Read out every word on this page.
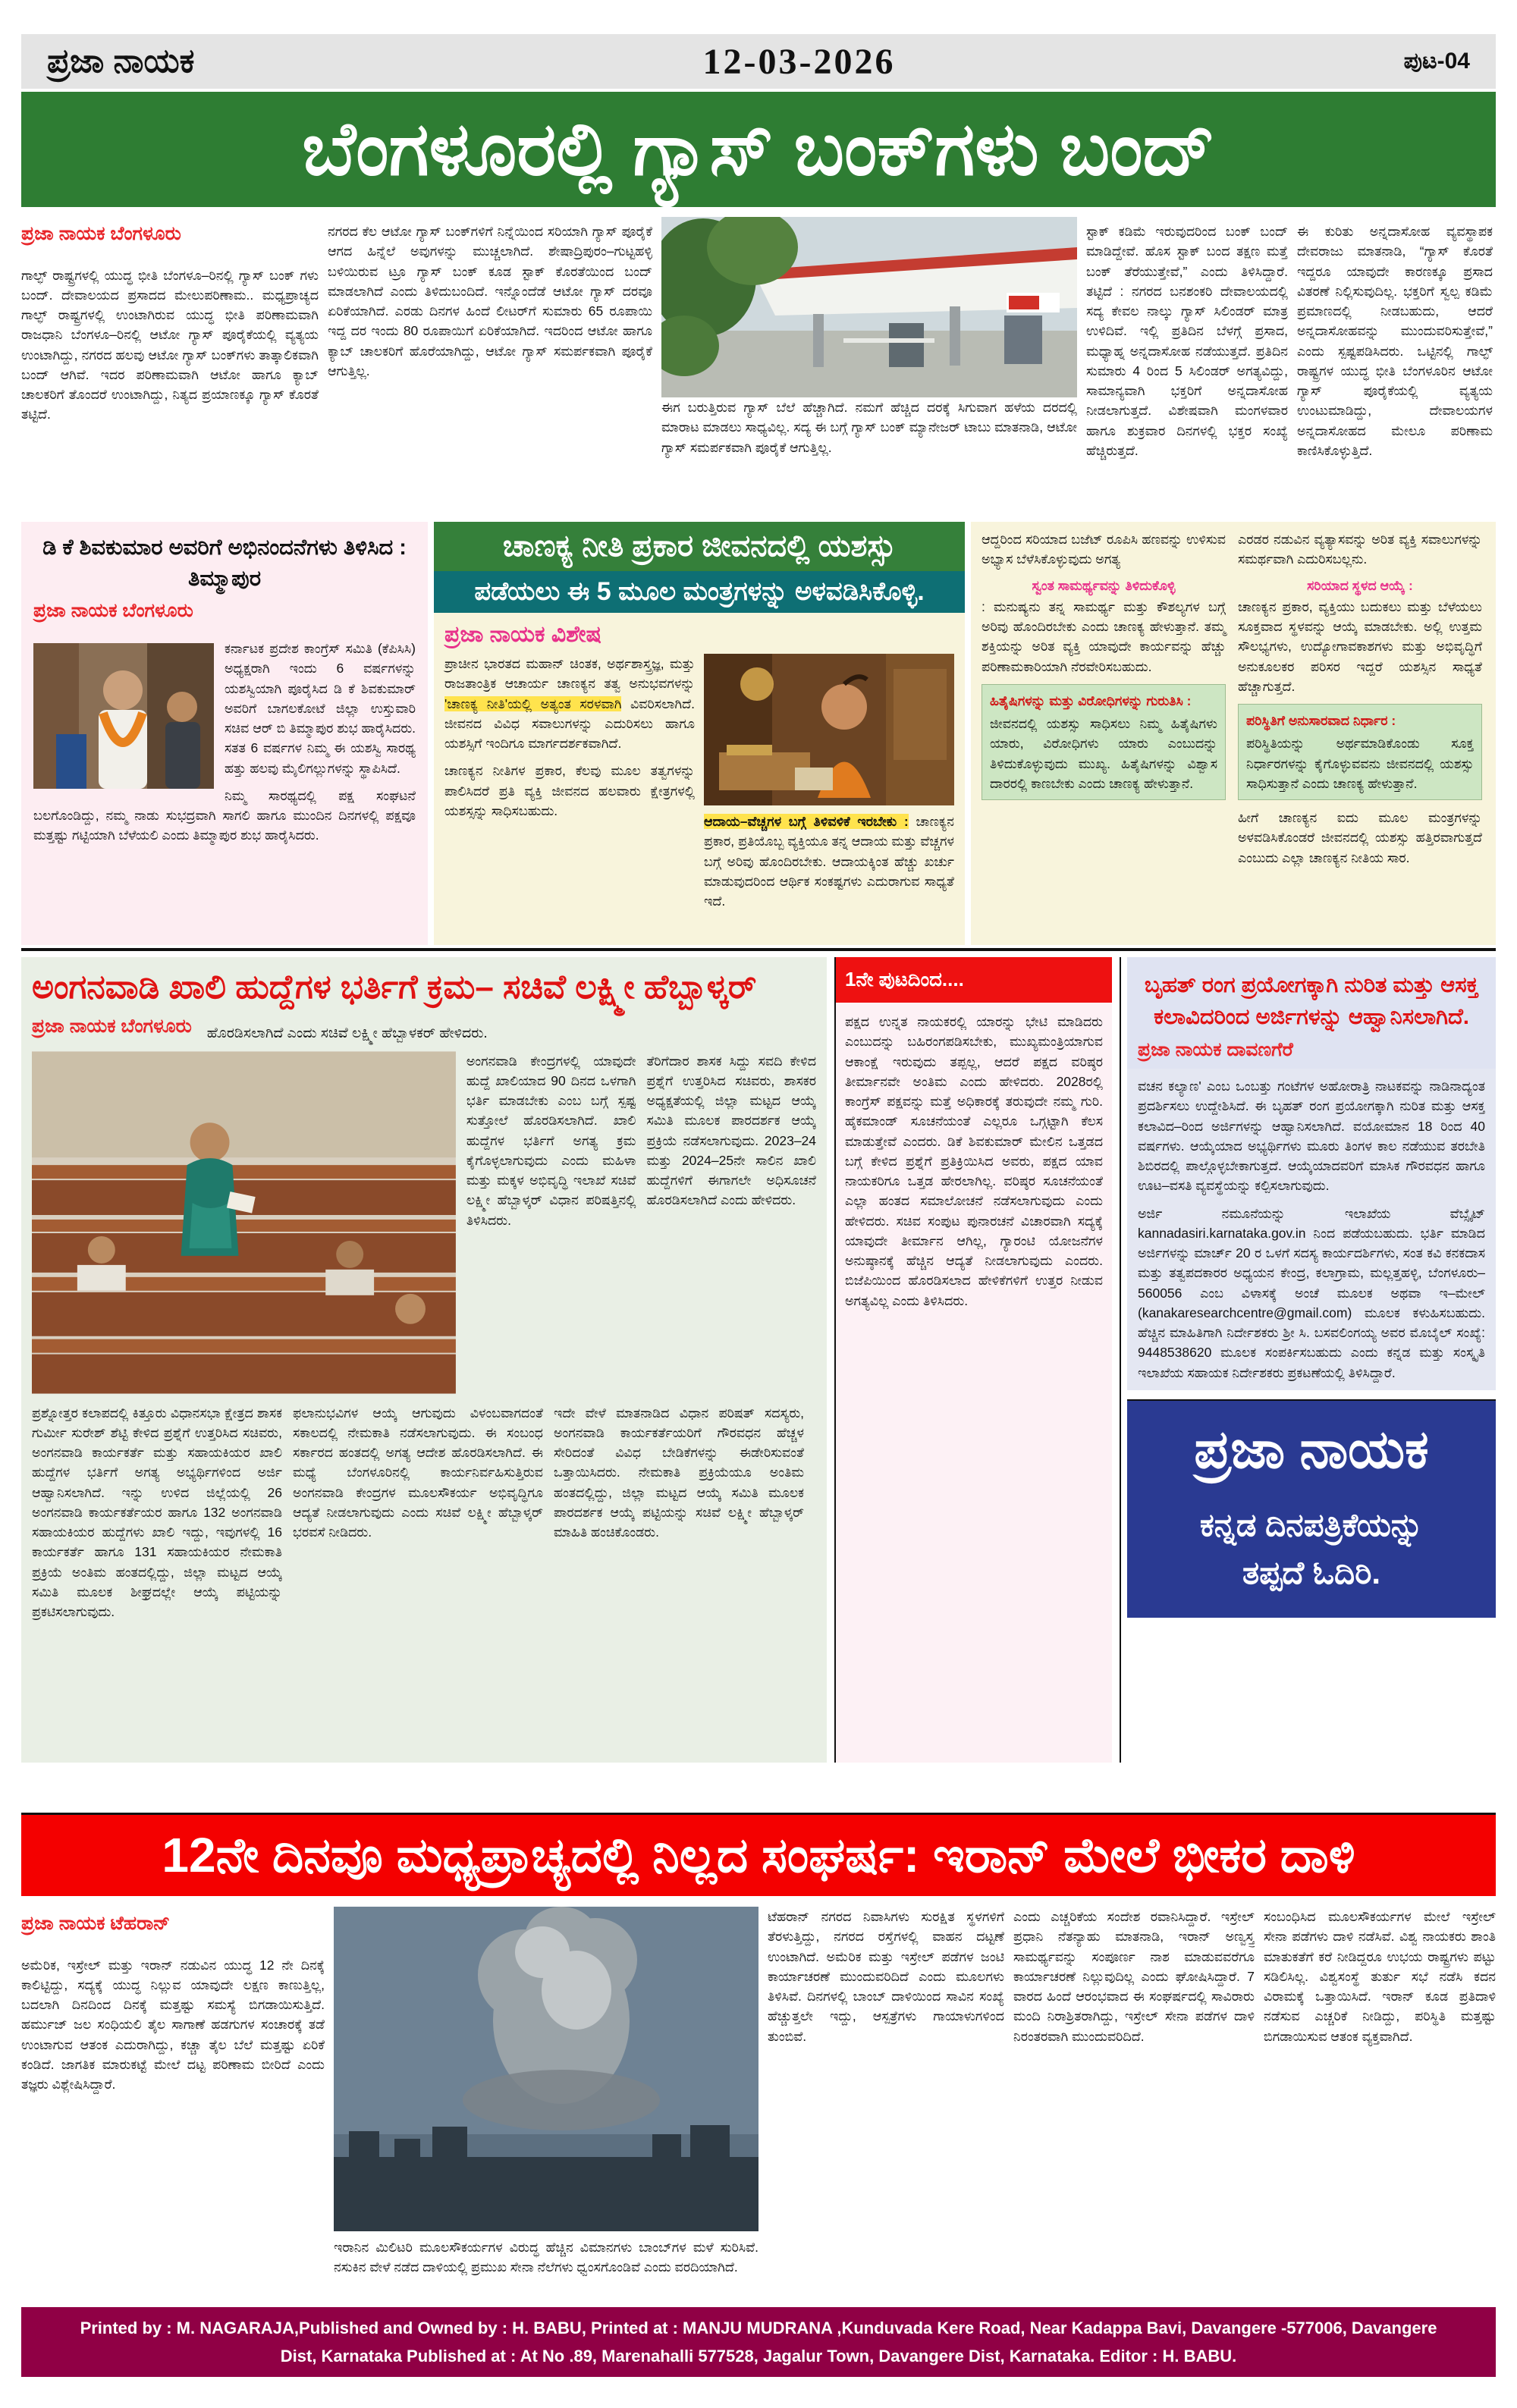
ಪ್ರಜಾ ನಾಯಕ	12-03-2026	ಪುಟ-04
ಬೆಂಗಳೂರಲ್ಲಿ ಗ್ಯಾಸ್ ಬಂಕ್‌ಗಳು ಬಂದ್
ಪ್ರಜಾ ನಾಯಕ ಬೆಂಗಳೂರು

ಗಾಲ್ಫ್ ರಾಷ್ಟ್ರಗಳಲ್ಲಿ ಯುದ್ಧ ಭೀತಿ ಬೆಂಗಳೂ–ರಿನಲ್ಲಿ ಗ್ಯಾಸ್ ಬಂಕ್ ಗಳು ಬಂದ್. ದೇವಾಲಯದ ಪ್ರಸಾದದ ಮೇಲುಪರಿಣಾಮ.. ಮಧ್ಯಪ್ರಾಚ್ಯದ ಗಾಲ್ಫ್ ರಾಷ್ಟ್ರಗಳಲ್ಲಿ ಉಂಟಾಗಿರುವ ಯುದ್ಧ ಭೀತಿ ಪರಿಣಾಮವಾಗಿ ರಾಜಧಾನಿ ಬೆಂಗಳೂ–ರಿನಲ್ಲಿ ಆಟೋ ಗ್ಯಾಸ್ ಪೂರೈಕೆಯಲ್ಲಿ ವ್ಯತ್ಯಯ ಉಂಟಾಗಿದ್ದು, ನಗರದ ಹಲವು ಆಟೋ ಗ್ಯಾಸ್ ಬಂಕ್‌ಗಳು ತಾತ್ಕಾಲಿಕವಾಗಿ ಬಂದ್ ಆಗಿವೆ. ಇದರ ಪರಿಣಾಮವಾಗಿ ಆಟೋ ಹಾಗೂ ಕ್ಯಾಬ್ ಚಾಲಕರಿಗೆ ತೊಂದರೆ ಉಂಟಾಗಿದ್ದು, ನಿತ್ಯದ ಪ್ರಯಾಣಕ್ಕೂ ಗ್ಯಾಸ್ ಕೊರತೆ ತಟ್ಟಿದೆ.

ನಗರದ ಕೆಲ ಆಟೋ ಗ್ಯಾಸ್ ಬಂಕ್‌ಗಳಿಗೆ ನಿನ್ನೆಯಿಂದ ಸರಿಯಾಗಿ ಗ್ಯಾಸ್ ಪೂರೈಕೆ ಆಗದ ಹಿನ್ನೆಲೆ ಅವುಗಳನ್ನು ಮುಚ್ಚಲಾಗಿದೆ. ಶೇಷಾದ್ರಿಪುರಂ–ಗುಟ್ಟಹಳ್ಳಿ ಬಳಿಯಿರುವ ಟ್ರೂ ಗ್ಯಾಸ್ ಬಂಕ್ ಕೂಡ ಸ್ಟಾಕ್ ಕೊರತೆಯಿಂದ ಬಂದ್ ಮಾಡಲಾಗಿದೆ ಎಂದು ತಿಳಿದುಬಂದಿದೆ. ಇನ್ನೊಂದೆಡೆ ಆಟೋ ಗ್ಯಾಸ್ ದರವೂ ಏರಿಕೆಯಾಗಿದೆ. ಎರಡು ದಿನಗಳ ಹಿಂದೆ ಲೀಟರ್‌ಗೆ ಸುಮಾರು 65 ರೂಪಾಯಿ ಇದ್ದ ದರ ಇಂದು 80 ರೂಪಾಯಿಗೆ ಏರಿಕೆಯಾಗಿದೆ. ಇದರಿಂದ ಆಟೋ ಹಾಗೂ ಕ್ಯಾಬ್ ಚಾಲಕರಿಗೆ ಹೊರೆಯಾಗಿದ್ದು, ಆಟೋ ಗ್ಯಾಸ್ ಸಮರ್ಪಕವಾಗಿ ಪೂರೈಕೆ ಆಗುತ್ತಿಲ್ಲ.

ಈಗ ಬರುತ್ತಿರುವ ಗ್ಯಾಸ್ ಬೆಲೆ ಹೆಚ್ಚಾಗಿದೆ. ನಮಗೆ ಹೆಚ್ಚಿದ ದರಕ್ಕೆ ಸಿಗುವಾಗ ಹಳೆಯ ದರದಲ್ಲಿ ಮಾರಾಟ ಮಾಡಲು ಸಾಧ್ಯವಿಲ್ಲ. ಸದ್ಯ ಈ ಬಗ್ಗೆ ಗ್ಯಾಸ್ ಬಂಕ್ ಮ್ಯಾನೇಜರ್ ಟಾಬು ಮಾತನಾಡಿ, ಆಟೋ ಗ್ಯಾಸ್ ಸಮರ್ಪಕವಾಗಿ ಪೂರೈಕೆ ಆಗುತ್ತಿಲ್ಲ.

ಸ್ಟಾಕ್ ಕಡಿಮೆ ಇರುವುದರಿಂದ ಬಂಕ್ ಬಂದ್ ಮಾಡಿದ್ದೇವೆ. ಹೊಸ ಸ್ಟಾಕ್ ಬಂದ ತಕ್ಷಣ ಮತ್ತೆ ಬಂಕ್ ತೆರೆಯುತ್ತೇವೆ,” ಎಂದು ತಿಳಿಸಿದ್ದಾರೆ. ತಟ್ಟಿದೆ : ನಗರದ ಬನಶಂಕರಿ ದೇವಾಲಯದಲ್ಲಿ ಸದ್ಯ ಕೇವಲ ನಾಲ್ಕು ಗ್ಯಾಸ್ ಸಿಲಿಂಡರ್ ಮಾತ್ರ ಉಳಿದಿವೆ. ಇಲ್ಲಿ ಪ್ರತಿದಿನ ಬೆಳಗ್ಗೆ ಪ್ರಸಾದ, ಮಧ್ಯಾಹ್ನ ಅನ್ನದಾಸೋಹ ನಡೆಯುತ್ತದೆ. ಪ್ರತಿದಿನ ಸುಮಾರು 4 ರಿಂದ 5 ಸಿಲಿಂಡರ್ ಅಗತ್ಯವಿದ್ದು, ಸಾಮಾನ್ಯವಾಗಿ ಭಕ್ತರಿಗೆ ಅನ್ನದಾಸೋಹ ನೀಡಲಾಗುತ್ತದೆ. ವಿಶೇಷವಾಗಿ ಮಂಗಳವಾರ ಹಾಗೂ ಶುಕ್ರವಾರ ದಿನಗಳಲ್ಲಿ ಭಕ್ತರ ಸಂಖ್ಯೆ ಹೆಚ್ಚಿರುತ್ತದೆ.

ಈ ಕುರಿತು ಅನ್ನದಾಸೋಹ ವ್ಯವಸ್ಥಾಪಕ ದೇವರಾಜು ಮಾತನಾಡಿ, “ಗ್ಯಾಸ್ ಕೊರತೆ ಇದ್ದರೂ ಯಾವುದೇ ಕಾರಣಕ್ಕೂ ಪ್ರಸಾದ ವಿತರಣೆ ನಿಲ್ಲಿಸುವುದಿಲ್ಲ. ಭಕ್ತರಿಗೆ ಸ್ವಲ್ಪ ಕಡಿಮೆ ಪ್ರಮಾಣದಲ್ಲಿ ನೀಡಬಹುದು, ಆದರೆ ಅನ್ನದಾಸೋಹವನ್ನು ಮುಂದುವರಿಸುತ್ತೇವೆ,” ಎಂದು ಸ್ಪಷ್ಟಪಡಿಸಿದರು. ಒಟ್ಟಿನಲ್ಲಿ ಗಾಲ್ಫ್ ರಾಷ್ಟ್ರಗಳ ಯುದ್ಧ ಭೀತಿ ಬೆಂಗಳೂರಿನ ಆಟೋ ಗ್ಯಾಸ್ ಪೂರೈಕೆಯಲ್ಲಿ ವ್ಯತ್ಯಯ ಉಂಟುಮಾಡಿದ್ದು, ದೇವಾಲಯಗಳ ಅನ್ನದಾಸೋಹದ ಮೇಲೂ ಪರಿಣಾಮ ಕಾಣಿಸಿಕೊಳ್ಳುತ್ತಿದೆ.

ಡಿ ಕೆ ಶಿವಕುಮಾರ ಅವರಿಗೆ ಅಭಿನಂದನೆಗಳು ತಿಳಿಸಿದ : ತಿಮ್ಮಾಪುರ
ಪ್ರಜಾ ನಾಯಕ ಬೆಂಗಳೂರು

ಕರ್ನಾಟಕ ಪ್ರದೇಶ ಕಾಂಗ್ರೆಸ್ ಸಮಿತಿ (ಕೆಪಿಸಿಸಿ) ಅಧ್ಯಕ್ಷರಾಗಿ ಇಂದು 6 ವರ್ಷಗಳನ್ನು ಯಶಸ್ವಿಯಾಗಿ ಪೂರೈಸಿದ ಡಿ ಕೆ ಶಿವಕುಮಾರ್ ಅವರಿಗೆ ಬಾಗಲಕೋಟೆ ಜಿಲ್ಲಾ ಉಸ್ತುವಾರಿ ಸಚಿವ ಆರ್ ಬಿ ತಿಮ್ಮಾಪುರ ಶುಭ ಹಾರೈಸಿದರು. ಸತತ 6 ವರ್ಷಗಳ ನಿಮ್ಮ ಈ ಯಶಸ್ವಿ ಸಾರಥ್ಯ ಹತ್ತು ಹಲವು ಮೈಲಿಗಲ್ಲುಗಳನ್ನು ಸ್ಥಾಪಿಸಿದೆ.

ನಿಮ್ಮ ಸಾರಥ್ಯದಲ್ಲಿ ಪಕ್ಷ ಸಂಘಟನೆ ಬಲಗೊಂಡಿದ್ದು, ನಮ್ಮ ನಾಡು ಸುಭದ್ರವಾಗಿ ಸಾಗಲಿ ಹಾಗೂ ಮುಂದಿನ ದಿನಗಳಲ್ಲಿ ಪಕ್ಷವೂ ಮತ್ತಷ್ಟು ಗಟ್ಟಿಯಾಗಿ ಬೆಳೆಯಲಿ ಎಂದು ತಿಮ್ಮಾಪುರ ಶುಭ ಹಾರೈಸಿದರು.

ಚಾಣಕ್ಯ ನೀತಿ ಪ್ರಕಾರ ಜೀವನದಲ್ಲಿ ಯಶಸ್ಸು
ಪಡೆಯಲು ಈ 5 ಮೂಲ ಮಂತ್ರಗಳನ್ನು ಅಳವಡಿಸಿಕೊಳ್ಳಿ.
ಪ್ರಜಾ ನಾಯಕ ವಿಶೇಷ
ಪ್ರಾಚೀನ ಭಾರತದ ಮಹಾನ್ ಚಿಂತಕ, ಅರ್ಥಶಾಸ್ತ್ರಜ್ಞ, ಮತ್ತು ರಾಜತಾಂತ್ರಿಕ ಆಚಾರ್ಯ ಚಾಣಕ್ಯನ ತತ್ವ ಅನುಭವಗಳನ್ನು 'ಚಾಣಕ್ಯ ನೀತಿ'ಯಲ್ಲಿ ಅತ್ಯಂತ ಸರಳವಾಗಿ ವಿವರಿಸಲಾಗಿದೆ. ಜೀವನದ ವಿವಿಧ ಸವಾಲುಗಳನ್ನು ಎದುರಿಸಲು ಹಾಗೂ ಯಶಸ್ಸಿಗೆ ಇಂದಿಗೂ ಮಾರ್ಗದರ್ಶಕವಾಗಿದೆ.

ಚಾಣಕ್ಯನ ನೀತಿಗಳ ಪ್ರಕಾರ, ಕೆಲವು ಮೂಲ ತತ್ವಗಳನ್ನು ಪಾಲಿಸಿದರೆ ಪ್ರತಿ ವ್ಯಕ್ತಿ ಜೀವನದ ಹಲವಾರು ಕ್ಷೇತ್ರಗಳಲ್ಲಿ ಯಶಸ್ಸನ್ನು ಸಾಧಿಸಬಹುದು.

ಆದಾಯ–ವೆಚ್ಚಗಳ ಬಗ್ಗೆ ತಿಳಿವಳಿಕೆ ಇರಬೇಕು : ಚಾಣಕ್ಯನ ಪ್ರಕಾರ, ಪ್ರತಿಯೊಬ್ಬ ವ್ಯಕ್ತಿಯೂ ತನ್ನ ಆದಾಯ ಮತ್ತು ವೆಚ್ಚಗಳ ಬಗ್ಗೆ ಅರಿವು ಹೊಂದಿರಬೇಕು. ಆದಾಯಕ್ಕಿಂತ ಹೆಚ್ಚು ಖರ್ಚು ಮಾಡುವುದರಿಂದ ಆರ್ಥಿಕ ಸಂಕಷ್ಟಗಳು ಎದುರಾಗುವ ಸಾಧ್ಯತೆ ಇದೆ.

ಆದ್ದರಿಂದ ಸರಿಯಾದ ಬಜೆಟ್ ರೂಪಿಸಿ ಹಣವನ್ನು ಉಳಿಸುವ ಅಭ್ಯಾಸ ಬೆಳೆಸಿಕೊಳ್ಳುವುದು ಅಗತ್ಯ

ಸ್ವಂತ ಸಾಮರ್ಥ್ಯವನ್ನು ತಿಳಿದುಕೊಳ್ಳಿ

: ಮನುಷ್ಯನು ತನ್ನ ಸಾಮರ್ಥ್ಯ ಮತ್ತು ಕೌಶಲ್ಯಗಳ ಬಗ್ಗೆ ಅರಿವು ಹೊಂದಿರಬೇಕು ಎಂದು ಚಾಣಕ್ಯ ಹೇಳುತ್ತಾನೆ. ತಮ್ಮ ಶಕ್ತಿಯನ್ನು ಅರಿತ ವ್ಯಕ್ತಿ ಯಾವುದೇ ಕಾರ್ಯವನ್ನು ಹೆಚ್ಚು ಪರಿಣಾಮಕಾರಿಯಾಗಿ ನೆರವೇರಿಸಬಹುದು.

ಹಿತೈಷಿಗಳನ್ನು ಮತ್ತು ವಿರೋಧಿಗಳನ್ನು ಗುರುತಿಸಿ :
ಜೀವನದಲ್ಲಿ ಯಶಸ್ಸು ಸಾಧಿಸಲು ನಿಮ್ಮ ಹಿತೈಷಿಗಳು ಯಾರು, ವಿರೋಧಿಗಳು ಯಾರು ಎಂಬುದನ್ನು ತಿಳಿದುಕೊಳ್ಳುವುದು ಮುಖ್ಯ. ಹಿತೈಷಿಗಳನ್ನು ವಿಶ್ವಾಸ ದಾರರಲ್ಲಿ ಕಾಣಬೇಕು ಎಂದು ಚಾಣಕ್ಯ ಹೇಳುತ್ತಾನೆ.

ಎರಡರ ನಡುವಿನ ವ್ಯತ್ಯಾಸವನ್ನು ಅರಿತ ವ್ಯಕ್ತಿ ಸವಾಲುಗಳನ್ನು ಸಮರ್ಥವಾಗಿ ಎದುರಿಸಬಲ್ಲನು.

ಸರಿಯಾದ ಸ್ಥಳದ ಆಯ್ಕೆ :

ಚಾಣಕ್ಯನ ಪ್ರಕಾರ, ವ್ಯಕ್ತಿಯು ಬದುಕಲು ಮತ್ತು ಬೆಳೆಯಲು ಸೂಕ್ತವಾದ ಸ್ಥಳವನ್ನು ಆಯ್ಕೆ ಮಾಡಬೇಕು. ಅಲ್ಲಿ ಉತ್ತಮ ಸೌಲಭ್ಯಗಳು, ಉದ್ಯೋಗಾವಕಾಶಗಳು ಮತ್ತು ಅಭಿವೃದ್ಧಿಗೆ ಅನುಕೂಲಕರ ಪರಿಸರ ಇದ್ದರೆ ಯಶಸ್ಸಿನ ಸಾಧ್ಯತೆ ಹೆಚ್ಚಾಗುತ್ತದೆ.

ಪರಿಸ್ಥಿತಿಗೆ ಅನುಸಾರವಾದ ನಿರ್ಧಾರ :
ಪರಿಸ್ಥಿತಿಯನ್ನು ಅರ್ಥಮಾಡಿಕೊಂಡು ಸೂಕ್ತ ನಿರ್ಧಾರಗಳನ್ನು ಕೈಗೊಳ್ಳುವವನು ಜೀವನದಲ್ಲಿ ಯಶಸ್ಸು ಸಾಧಿಸುತ್ತಾನೆ ಎಂದು ಚಾಣಕ್ಯ ಹೇಳುತ್ತಾನೆ.

ಹೀಗೆ ಚಾಣಕ್ಯನ ಐದು ಮೂಲ ಮಂತ್ರಗಳನ್ನು ಅಳವಡಿಸಿಕೊಂಡರೆ ಜೀವನದಲ್ಲಿ ಯಶಸ್ಸು ಹತ್ತಿರವಾಗುತ್ತದೆ ಎಂಬುದು ಎಲ್ಲಾ ಚಾಣಕ್ಯನ ನೀತಿಯ ಸಾರ.

ಅಂಗನವಾಡಿ ಖಾಲಿ ಹುದ್ದೆಗಳ ಭರ್ತಿಗೆ ಕ್ರಮ– ಸಚಿವೆ ಲಕ್ಷ್ಮೀ ಹೆಬ್ಬಾಳ್ಕರ್
ಪ್ರಜಾ ನಾಯಕ ಬೆಂಗಳೂರು ಹೊರಡಿಸಲಾಗಿದೆ ಎಂದು ಸಚಿವೆ ಲಕ್ಷ್ಮೀ ಹೆಬ್ಬಾಳಕರ್ ಹೇಳಿದರು.
ಅಂಗನವಾಡಿ ಕೇಂದ್ರಗಳಲ್ಲಿ ಯಾವುದೇ ಹುದ್ದೆ ಖಾಲಿಯಾದ 90 ದಿನದ ಒಳಗಾಗಿ ಭರ್ತಿ ಮಾಡಬೇಕು ಎಂಬ ಬಗ್ಗೆ ಸ್ಪಷ್ಟ ಸುತ್ತೋಲೆ ಹೊರಡಿಸಲಾಗಿದೆ. ಖಾಲಿ ಹುದ್ದೆಗಳ ಭರ್ತಿಗೆ ಅಗತ್ಯ ಕ್ರಮ ಕೈಗೊಳ್ಳಲಾಗುವುದು ಎಂದು ಮಹಿಳಾ ಮತ್ತು ಮಕ್ಕಳ ಅಭಿವೃದ್ಧಿ ಇಲಾಖೆ ಸಚಿವೆ ಲಕ್ಷ್ಮೀ ಹೆಬ್ಬಾಳ್ಕರ್ ವಿಧಾನ ಪರಿಷತ್ತಿನಲ್ಲಿ ತಿಳಿಸಿದರು.
ತೆರಿಗೆದಾರ ಶಾಸಕ ಸಿದ್ದು ಸವದಿ ಕೇಳಿದ ಪ್ರಶ್ನೆಗೆ ಉತ್ತರಿಸಿದ ಸಚಿವರು, ಶಾಸಕರ ಅಧ್ಯಕ್ಷತೆಯಲ್ಲಿ ಜಿಲ್ಲಾ ಮಟ್ಟದ ಆಯ್ಕೆ ಸಮಿತಿ ಮೂಲಕ ಪಾರದರ್ಶಕ ಆಯ್ಕೆ ಪ್ರಕ್ರಿಯೆ ನಡೆಸಲಾಗುವುದು. 2023–24 ಮತ್ತು 2024–25ನೇ ಸಾಲಿನ ಖಾಲಿ ಹುದ್ದೆಗಳಿಗೆ ಈಗಾಗಲೇ ಅಧಿಸೂಚನೆ ಹೊರಡಿಸಲಾಗಿದೆ ಎಂದು ಹೇಳಿದರು.
ಪ್ರಶ್ನೋತ್ತರ ಕಲಾಪದಲ್ಲಿ ಕಿತ್ತೂರು ವಿಧಾನಸಭಾ ಕ್ಷೇತ್ರದ ಶಾಸಕ ಗುರ್ಮೀ ಸುರೇಶ್ ಶೆಟ್ಟಿ ಕೇಳಿದ ಪ್ರಶ್ನೆಗೆ ಉತ್ತರಿಸಿದ ಸಚಿವರು, ಅಂಗನವಾಡಿ ಕಾರ್ಯಕರ್ತೆ ಮತ್ತು ಸಹಾಯಕಿಯರ ಖಾಲಿ ಹುದ್ದೆಗಳ ಭರ್ತಿಗೆ ಅಗತ್ಯ ಅಭ್ಯರ್ಥಿಗಳಿಂದ ಅರ್ಜಿ ಆಹ್ವಾನಿಸಲಾಗಿದೆ. ಇನ್ನು ಉಳಿದ ಜಿಲ್ಲೆಯಲ್ಲಿ 26 ಅಂಗನವಾಡಿ ಕಾರ್ಯಕರ್ತೆಯರ ಹಾಗೂ 132 ಅಂಗನವಾಡಿ ಸಹಾಯಕಿಯರ ಹುದ್ದೆಗಳು ಖಾಲಿ ಇದ್ದು, ಇವುಗಳಲ್ಲಿ 16 ಕಾರ್ಯಕರ್ತೆ ಹಾಗೂ 131 ಸಹಾಯಕಿಯರ ನೇಮಕಾತಿ ಪ್ರಕ್ರಿಯೆ ಅಂತಿಮ ಹಂತದಲ್ಲಿದ್ದು, ಜಿಲ್ಲಾ ಮಟ್ಟದ ಆಯ್ಕೆ ಸಮಿತಿ ಮೂಲಕ ಶೀಘ್ರದಲ್ಲೇ ಆಯ್ಕೆ ಪಟ್ಟಿಯನ್ನು ಪ್ರಕಟಿಸಲಾಗುವುದು.
ಫಲಾನುಭವಿಗಳ ಆಯ್ಕೆ ಆಗುವುದು ವಿಳಂಬವಾಗದಂತೆ ಸಕಾಲದಲ್ಲಿ ನೇಮಕಾತಿ ನಡೆಸಲಾಗುವುದು. ಈ ಸಂಬಂಧ ಸರ್ಕಾರದ ಹಂತದಲ್ಲಿ ಅಗತ್ಯ ಆದೇಶ ಹೊರಡಿಸಲಾಗಿದೆ. ಈ ಮಧ್ಯೆ ಬೆಂಗಳೂರಿನಲ್ಲಿ ಕಾರ್ಯನಿರ್ವಹಿಸುತ್ತಿರುವ ಅಂಗನವಾಡಿ ಕೇಂದ್ರಗಳ ಮೂಲಸೌಕರ್ಯ ಅಭಿವೃದ್ಧಿಗೂ ಆದ್ಯತೆ ನೀಡಲಾಗುವುದು ಎಂದು ಸಚಿವೆ ಲಕ್ಷ್ಮೀ ಹೆಬ್ಬಾಳ್ಕರ್ ಭರವಸೆ ನೀಡಿದರು.
ಇದೇ ವೇಳೆ ಮಾತನಾಡಿದ ವಿಧಾನ ಪರಿಷತ್ ಸದಸ್ಯರು, ಅಂಗನವಾಡಿ ಕಾರ್ಯಕರ್ತೆಯರಿಗೆ ಗೌರವಧನ ಹೆಚ್ಚಳ ಸೇರಿದಂತೆ ವಿವಿಧ ಬೇಡಿಕೆಗಳನ್ನು ಈಡೇರಿಸುವಂತೆ ಒತ್ತಾಯಿಸಿದರು. ನೇಮಕಾತಿ ಪ್ರಕ್ರಿಯೆಯೂ ಅಂತಿಮ ಹಂತದಲ್ಲಿದ್ದು, ಜಿಲ್ಲಾ ಮಟ್ಟದ ಆಯ್ಕೆ ಸಮಿತಿ ಮೂಲಕ ಪಾರದರ್ಶಕ ಆಯ್ಕೆ ಪಟ್ಟಿಯನ್ನು ಸಚಿವೆ ಲಕ್ಷ್ಮೀ ಹೆಬ್ಬಾಳ್ಕರ್ ಮಾಹಿತಿ ಹಂಚಿಕೊಂಡರು.
1ನೇ ಪುಟದಿಂದ....
ಪಕ್ಷದ ಉನ್ನತ ನಾಯಕರಲ್ಲಿ ಯಾರನ್ನು ಭೇಟಿ ಮಾಡಿದರು ಎಂಬುದನ್ನು ಬಹಿರಂಗಪಡಿಸಬೇಕು, ಮುಖ್ಯಮಂತ್ರಿಯಾಗುವ ಆಕಾಂಕ್ಷೆ ಇರುವುದು ತಪ್ಪಲ್ಲ, ಆದರೆ ಪಕ್ಷದ ವರಿಷ್ಠರ ತೀರ್ಮಾನವೇ ಅಂತಿಮ ಎಂದು ಹೇಳಿದರು. 2028ರಲ್ಲಿ ಕಾಂಗ್ರೆಸ್ ಪಕ್ಷವನ್ನು ಮತ್ತೆ ಅಧಿಕಾರಕ್ಕೆ ತರುವುದೇ ನಮ್ಮ ಗುರಿ. ಹೈಕಮಾಂಡ್ ಸೂಚನೆಯಂತೆ ಎಲ್ಲರೂ ಒಗ್ಗಟ್ಟಾಗಿ ಕೆಲಸ ಮಾಡುತ್ತೇವೆ ಎಂದರು. ಡಿಕೆ ಶಿವಕುಮಾರ್ ಮೇಲಿನ ಒತ್ತಡದ ಬಗ್ಗೆ ಕೇಳಿದ ಪ್ರಶ್ನೆಗೆ ಪ್ರತಿಕ್ರಿಯಿಸಿದ ಅವರು, ಪಕ್ಷದ ಯಾವ ನಾಯಕರಿಗೂ ಒತ್ತಡ ಹೇರಲಾಗಿಲ್ಲ. ವರಿಷ್ಠರ ಸೂಚನೆಯಂತೆ ಎಲ್ಲಾ ಹಂತದ ಸಮಾಲೋಚನೆ ನಡೆಸಲಾಗುವುದು ಎಂದು ಹೇಳಿದರು. ಸಚಿವ ಸಂಪುಟ ಪುನಾರಚನೆ ವಿಚಾರವಾಗಿ ಸದ್ಯಕ್ಕೆ ಯಾವುದೇ ತೀರ್ಮಾನ ಆಗಿಲ್ಲ, ಗ್ಯಾರಂಟಿ ಯೋಜನೆಗಳ ಅನುಷ್ಠಾನಕ್ಕೆ ಹೆಚ್ಚಿನ ಆದ್ಯತೆ ನೀಡಲಾಗುವುದು ಎಂದರು. ಬಿಜೆಪಿಯಿಂದ ಹೊರಡಿಸಲಾದ ಹೇಳಿಕೆಗಳಿಗೆ ಉತ್ತರ ನೀಡುವ ಅಗತ್ಯವಿಲ್ಲ ಎಂದು ತಿಳಿಸಿದರು.
ಬೃಹತ್ ರಂಗ ಪ್ರಯೋಗಕ್ಕಾಗಿ ನುರಿತ ಮತ್ತು ಆಸಕ್ತ ಕಲಾವಿದರಿಂದ ಅರ್ಜಿಗಳನ್ನು ಆಹ್ವಾನಿಸಲಾಗಿದೆ.
ಪ್ರಜಾ ನಾಯಕ ದಾವಣಗೆರೆ

ವಚನ ಕಲ್ಯಾಣ' ಎಂಬ ಒಂಬತ್ತು ಗಂಟೆಗಳ ಅಹೋರಾತ್ರಿ ನಾಟಕವನ್ನು ನಾಡಿನಾದ್ಯಂತ ಪ್ರದರ್ಶಿಸಲು ಉದ್ದೇಶಿಸಿದೆ. ಈ ಬೃಹತ್ ರಂಗ ಪ್ರಯೋಗಕ್ಕಾಗಿ ನುರಿತ ಮತ್ತು ಆಸಕ್ತ ಕಲಾವಿದ–ರಿಂದ ಅರ್ಜಿಗಳನ್ನು ಆಹ್ವಾನಿಸಲಾಗಿದೆ. ವಯೋಮಾನ 18 ರಿಂದ 40 ವರ್ಷಗಳು. ಆಯ್ಕೆಯಾದ ಅಭ್ಯರ್ಥಿಗಳು ಮೂರು ತಿಂಗಳ ಕಾಲ ನಡೆಯುವ ತರಬೇತಿ ಶಿಬಿರದಲ್ಲಿ ಪಾಲ್ಗೊಳ್ಳಬೇಕಾಗುತ್ತದೆ. ಆಯ್ಕೆಯಾದವರಿಗೆ ಮಾಸಿಕ ಗೌರವಧನ ಹಾಗೂ ಊಟ–ವಸತಿ ವ್ಯವಸ್ಥೆಯನ್ನು ಕಲ್ಪಿಸಲಾಗುವುದು.

ಅರ್ಜಿ ನಮೂನೆಯನ್ನು ಇಲಾಖೆಯ ವೆಬ್ಸೈಟ್ kannadasiri.karnataka.gov.in ನಿಂದ ಪಡೆಯಬಹುದು. ಭರ್ತಿ ಮಾಡಿದ ಅರ್ಜಿಗಳನ್ನು ಮಾರ್ಚ್ 20 ರ ಒಳಗೆ ಸದಸ್ಯ ಕಾರ್ಯದರ್ಶಿಗಳು, ಸಂತ ಕವಿ ಕನಕದಾಸ ಮತ್ತು ತತ್ವಪದಕಾರರ ಅಧ್ಯಯನ ಕೇಂದ್ರ, ಕಲಾಗ್ರಾಮ, ಮಲ್ಲತ್ತಹಳ್ಳಿ, ಬೆಂಗಳೂರು– 560056 ಎಂಬ ವಿಳಾಸಕ್ಕೆ ಅಂಚೆ ಮೂಲಕ ಅಥವಾ ಇ–ಮೇಲ್ (kanakaresearchcentre@gmail.com) ಮೂಲಕ ಕಳುಹಿಸಬಹುದು. ಹೆಚ್ಚಿನ ಮಾಹಿತಿಗಾಗಿ ನಿರ್ದೇಶಕರು ಶ್ರೀ ಸಿ. ಬಸವಲಿಂಗಯ್ಯ ಅವರ ಮೊಬೈಲ್ ಸಂಖ್ಯೆ: 9448538620 ಮೂಲಕ ಸಂಪರ್ಕಿಸಬಹುದು ಎಂದು ಕನ್ನಡ ಮತ್ತು ಸಂಸ್ಕೃತಿ ಇಲಾಖೆಯ ಸಹಾಯಕ ನಿರ್ದೇಶಕರು ಪ್ರಕಟಣೆಯಲ್ಲಿ ತಿಳಿಸಿದ್ದಾರೆ.

ಪ್ರಜಾ ನಾಯಕ
ಕನ್ನಡ ದಿನಪತ್ರಿಕೆಯನ್ನು
ತಪ್ಪದೆ ಓದಿರಿ.
12ನೇ ದಿನವೂ ಮಧ್ಯಪ್ರಾಚ್ಯದಲ್ಲಿ ನಿಲ್ಲದ ಸಂಘರ್ಷ: ಇರಾನ್ ಮೇಲೆ ಭೀಕರ ದಾಳಿ
ಪ್ರಜಾ ನಾಯಕ ಟೆಹರಾನ್

ಅಮೆರಿಕ, ಇಸ್ರೇಲ್ ಮತ್ತು ಇರಾನ್ ನಡುವಿನ ಯುದ್ಧ 12 ನೇ ದಿನಕ್ಕೆ ಕಾಲಿಟ್ಟಿದ್ದು, ಸದ್ಯಕ್ಕೆ ಯುದ್ಧ ನಿಲ್ಲುವ ಯಾವುದೇ ಲಕ್ಷಣ ಕಾಣುತ್ತಿಲ್ಲ, ಬದಲಾಗಿ ದಿನದಿಂದ ದಿನಕ್ಕೆ ಮತ್ತಷ್ಟು ಸಮಸ್ಯೆ ಬಿಗಡಾಯಿಸುತ್ತಿದೆ. ಹರ್ಮುಜ್ ಜಲ ಸಂಧಿಯಲಿ ತೈಲ ಸಾಗಾಣೆ ಹಡಗುಗಳ ಸಂಚಾರಕ್ಕೆ ತಡೆ ಉಂಟಾಗುವ ಆತಂಕ ಎದುರಾಗಿದ್ದು, ಕಚ್ಚಾ ತೈಲ ಬೆಲೆ ಮತ್ತಷ್ಟು ಏರಿಕೆ ಕಂಡಿದೆ. ಜಾಗತಿಕ ಮಾರುಕಟ್ಟೆ ಮೇಲೆ ದಟ್ಟ ಪರಿಣಾಮ ಬೀರಿದೆ ಎಂದು ತಜ್ಞರು ವಿಶ್ಲೇಷಿಸಿದ್ದಾರೆ.

ಇರಾನಿನ ಮಿಲಿಟರಿ ಮೂಲಸೌಕರ್ಯಗಳ ವಿರುದ್ಧ ಹೆಚ್ಚಿನ ವಿಮಾನಗಳು ಬಾಂಬ್‌ಗಳ ಮಳೆ ಸುರಿಸಿವೆ. ನಸುಕಿನ ವೇಳೆ ನಡೆದ ದಾಳಿಯಲ್ಲಿ ಪ್ರಮುಖ ಸೇನಾ ನೆಲೆಗಳು ಧ್ವಂಸಗೊಂಡಿವೆ ಎಂದು ವರದಿಯಾಗಿದೆ.

ಟೆಹರಾನ್ ನಗರದ ನಿವಾಸಿಗಳು ಸುರಕ್ಷಿತ ಸ್ಥಳಗಳಿಗೆ ತೆರಳುತ್ತಿದ್ದು, ನಗರದ ರಸ್ತೆಗಳಲ್ಲಿ ವಾಹನ ದಟ್ಟಣೆ ಉಂಟಾಗಿದೆ. ಅಮೆರಿಕ ಮತ್ತು ಇಸ್ರೇಲ್ ಪಡೆಗಳ ಜಂಟಿ ಕಾರ್ಯಾಚರಣೆ ಮುಂದುವರಿದಿದೆ ಎಂದು ಮೂಲಗಳು ತಿಳಿಸಿವೆ. ದಿನಗಳಲ್ಲಿ ಬಾಂಬ್ ದಾಳಿಯಿಂದ ಸಾವಿನ ಸಂಖ್ಯೆ ಹೆಚ್ಚುತ್ತಲೇ ಇದ್ದು, ಆಸ್ಪತ್ರೆಗಳು ಗಾಯಾಳುಗಳಿಂದ ತುಂಬಿವೆ.
ಎಂದು ಎಚ್ಚರಿಕೆಯ ಸಂದೇಶ ರವಾನಿಸಿದ್ದಾರೆ. ಇಸ್ರೇಲ್ ಪ್ರಧಾನಿ ನೆತನ್ಯಾಹು ಮಾತನಾಡಿ, ಇರಾನ್ ಅಣ್ವಸ್ತ್ರ ಸಾಮರ್ಥ್ಯವನ್ನು ಸಂಪೂರ್ಣ ನಾಶ ಮಾಡುವವರೆಗೂ ಕಾರ್ಯಾಚರಣೆ ನಿಲ್ಲುವುದಿಲ್ಲ ಎಂದು ಘೋಷಿಸಿದ್ದಾರೆ. 7 ವಾರದ ಹಿಂದೆ ಆರಂಭವಾದ ಈ ಸಂಘರ್ಷದಲ್ಲಿ ಸಾವಿರಾರು ಮಂದಿ ನಿರಾಶ್ರಿತರಾಗಿದ್ದು, ಇಸ್ರೇಲ್ ಸೇನಾ ಪಡೆಗಳ ದಾಳಿ ನಿರಂತರವಾಗಿ ಮುಂದುವರಿದಿದೆ.
ಸಂಬಂಧಿಸಿದ ಮೂಲಸೌಕರ್ಯಗಳ ಮೇಲೆ ಇಸ್ರೇಲ್ ಸೇನಾ ಪಡೆಗಳು ದಾಳಿ ನಡೆಸಿವೆ. ವಿಶ್ವ ನಾಯಕರು ಶಾಂತಿ ಮಾತುಕತೆಗೆ ಕರೆ ನೀಡಿದ್ದರೂ ಉಭಯ ರಾಷ್ಟ್ರಗಳು ಪಟ್ಟು ಸಡಿಲಿಸಿಲ್ಲ. ವಿಶ್ವಸಂಸ್ಥೆ ತುರ್ತು ಸಭೆ ನಡೆಸಿ ಕದನ ವಿರಾಮಕ್ಕೆ ಒತ್ತಾಯಿಸಿದೆ. ಇರಾನ್ ಕೂಡ ಪ್ರತಿದಾಳಿ ನಡೆಸುವ ಎಚ್ಚರಿಕೆ ನೀಡಿದ್ದು, ಪರಿಸ್ಥಿತಿ ಮತ್ತಷ್ಟು ಬಿಗಡಾಯಿಸುವ ಆತಂಕ ವ್ಯಕ್ತವಾಗಿದೆ.
Printed by : M. NAGARAJA,Published and Owned by : H. BABU, Printed at : MANJU MUDRANA ,Kunduvada Kere Road, Near Kadappa Bavi, Davangere -577006, Davangere
Dist, Karnataka Published at : At No .89, Marenahalli 577528, Jagalur Town, Davangere Dist, Karnataka. Editor : H. BABU.
